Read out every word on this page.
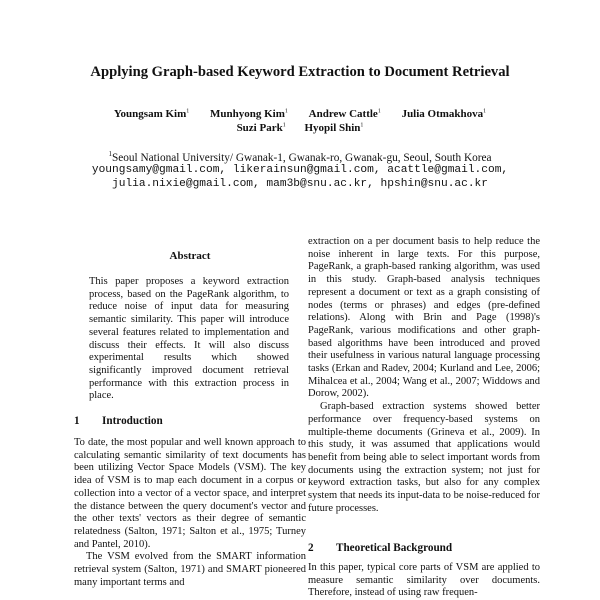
Applying Graph-based Keyword Extraction to Document Retrieval
Youngsam Kim$^1$ Munhyong Kim$^1$ Andrew Cattle$^1$ Julia Otmakhova$^1$
Suzi Park$^1$ Hyopil Shin$^1$

$^1$Seoul National University/ Gwanak-1, Gwanak-ro, Gwanak-gu, Seoul, South Korea

youngsamy@gmail.com, likerainsun@gmail.com, acattle@gmail.com,

julia.nixie@gmail.com, mam3b@snu.ac.kr, hpshin@snu.ac.kr

Abstract

This paper proposes a keyword extraction process, based on the PageRank algorithm, to reduce noise of input data for measuring semantic similarity. This paper will introduce several features related to implementation and discuss their effects. It will also discuss experimental results which showed significantly improved document retrieval performance with this extraction process in place.

1 Introduction

To date, the most popular and well known approach to calculating semantic similarity of text documents has been utilizing Vector Space Models (VSM). The key idea of VSM is to map each document in a corpus or collection into a vector of a vector space, and interpret the distance between the query document's vector and the other texts' vectors as their degree of semantic relatedness (Salton, 1971; Salton et al., 1975; Turney and Pantel, 2010).

The VSM evolved from the SMART information retrieval system (Salton, 1971) and SMART pioneered many important terms and

extraction on a per document basis to help reduce the noise inherent in large texts. For this purpose, PageRank, a graph-based ranking algorithm, was used in this study. Graph-based analysis techniques represent a document or text as a graph consisting of nodes (terms or phrases) and edges (pre-defined relations). Along with Brin and Page (1998)'s PageRank, various modifications and other graph-based algorithms have been introduced and proved their usefulness in various natural language processing tasks (Erkan and Radev, 2004; Kurland and Lee, 2006; Mihalcea et al., 2004; Wang et al., 2007; Widdows and Dorow, 2002).

Graph-based extraction systems showed better performance over frequency-based systems on multiple-theme documents (Grineva et al., 2009). In this study, it was assumed that applications would benefit from being able to select important words from documents using the extraction system; not just for keyword extraction tasks, but also for any complex system that needs its input-data to be noise-reduced for future processes.

2 Theoretical Background

In this paper, typical core parts of VSM are applied to measure semantic similarity over documents. Therefore, instead of using raw frequen-
